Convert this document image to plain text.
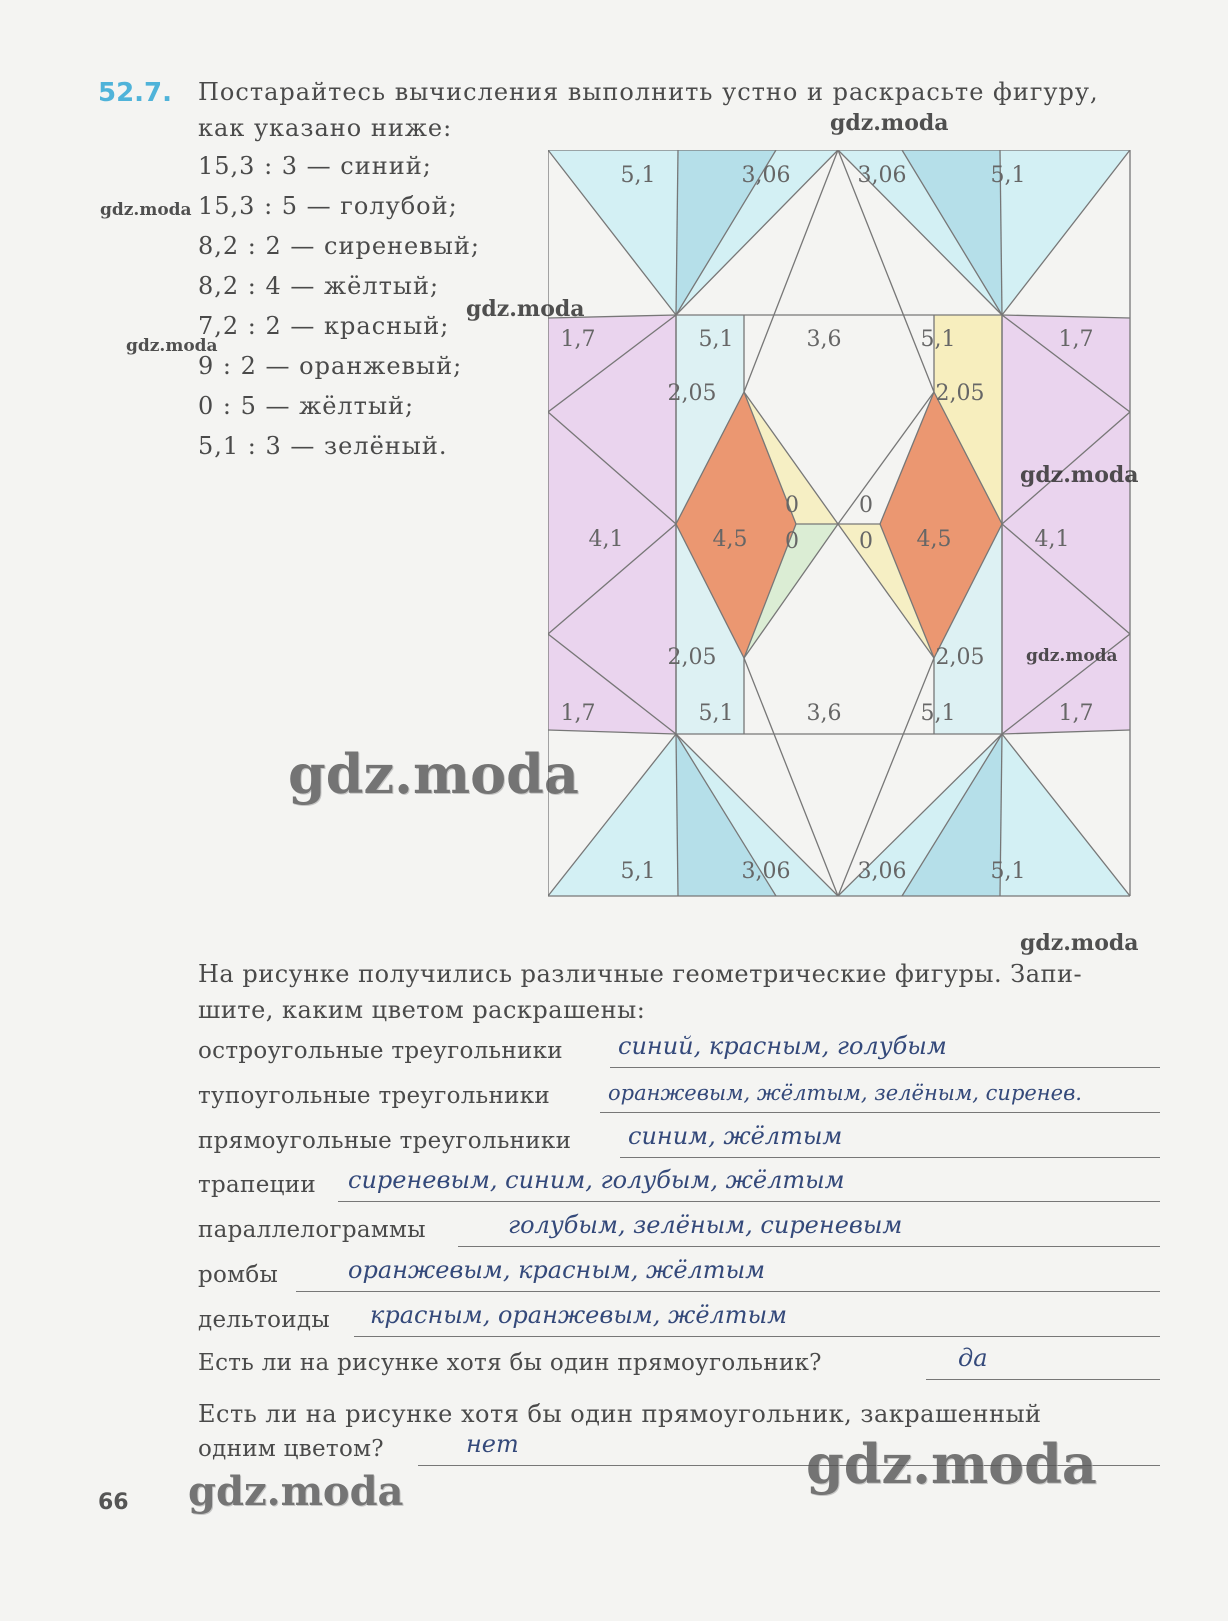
52.7. Постарайтесь вычисления выполнить устно и раскрасьте фигуру,
как указано ниже:
15,3 : 3 — синий;
15,3 : 5 — голубой;
8,2 : 2 — сиреневый;
8,2 : 4 — жёлтый;
7,2 : 2 — красный;
9 : 2 — оранжевый;
0 : 5 — жёлтый;
5,1 : 3 — зелёный.
5,1	3,06	3,06	5,1
1,7	5,1	3,6	5,1	1,7
2,05	2,05
4,1	4,5
0	0
0	0 4,5	4,1
2,05	2,05
1,7	5,1	3,6	5,1	1,7
5,1	3,06	3,06	5,1
На рисунке получились различные геометрические фигуры. Запи-
шите, каким цветом раскрашены:
остроугольные треугольники синий, красным, голубым
тупоугольные треугольники	оранжевым, жёлтым, зелёным, сиренев.
прямоугольные треугольники синим, жёлтым
трапеции сиреневым, синим, голубым, жёлтым
параллелограммы	голубым, зелёным, сиреневым
ромбы	оранжевым, красным, жёлтым
дельтоиды красным, оранжевым, жёлтым
Есть ли на рисунке хотя бы один прямоугольник?	да
Есть ли на рисунке хотя бы один прямоугольник, закрашенный
одним цветом?	нет
66
gdz.moda
gdz.moda
gdz.moda
gdz.moda
gdz.moda
gdz.moda
gdz.moda
gdz.moda
gdz.moda
gdz.moda
